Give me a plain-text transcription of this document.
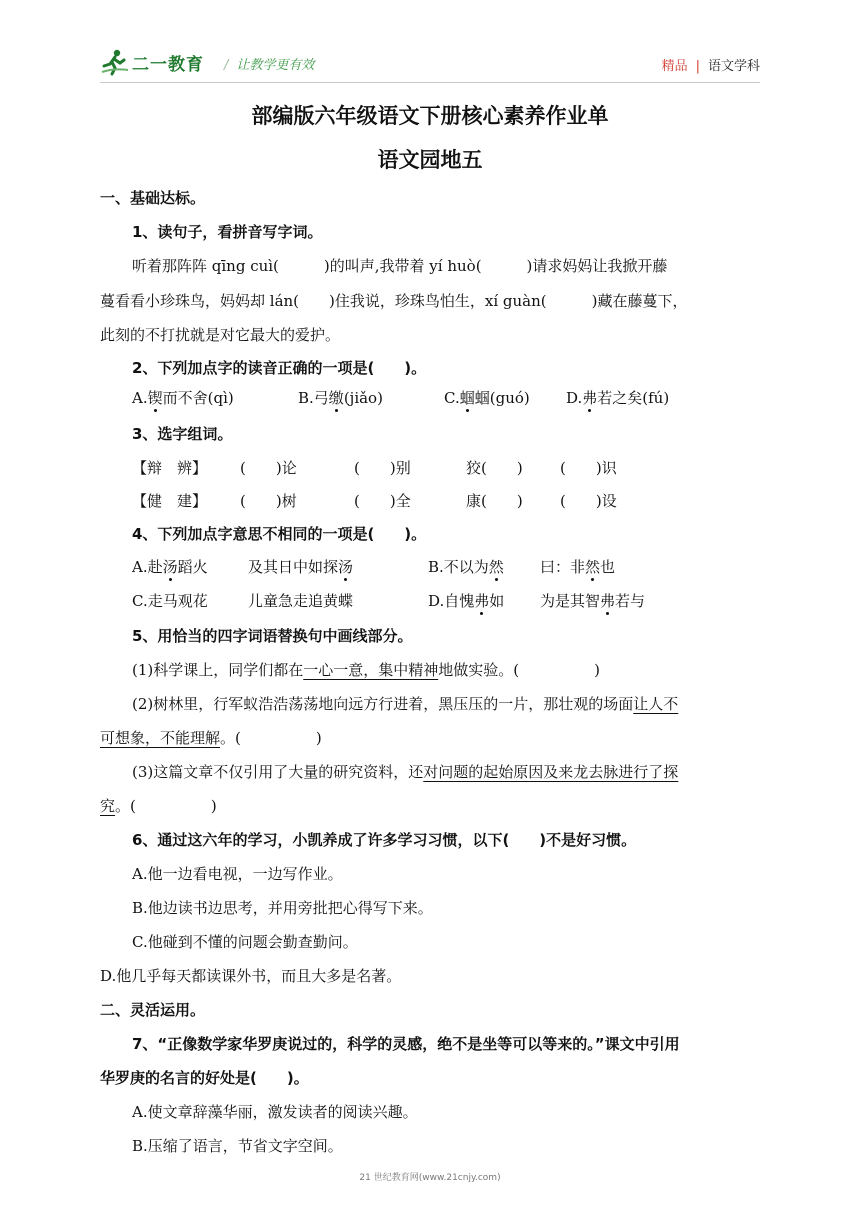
二一教育 / 让教学更有效	精品 | 语文学科
部编版六年级语文下册核心素养作业单
语文园地五
一、基础达标。
1、读句子，看拼音写字词。
听着那阵阵 qīng cuì(　　　)的叫声,我带着 yí huò(　　　)请求妈妈让我掀开藤
蔓看看小珍珠鸟，妈妈却 lán(　　)住我说，珍珠鸟怕生，xí guàn(　　　)藏在藤蔓下，
此刻的不打扰就是对它最大的爱护。
2、下列加点字的读音正确的一项是(　　)。
A.锲而不舍(qì)	B.弓缴(jiǎo)	C.蝈蝈(guó) D.弗若之矣(fú)
3、选字组词。
【辩　辨】 (　　)论	(　　)别	狡(　　) (　　)识
【健　建】 (　　)树	(　　)全	康(　　) (　　)设
4、下列加点字意思不相同的一项是(　　)。
A.赴汤蹈火	及其日中如探汤	B.不以为然 曰：非然也
C.走马观花	儿童急走追黄蝶	D.自愧弗如 为是其智弗若与
5、用恰当的四字词语替换句中画线部分。
(1)科学课上，同学们都在一心一意，集中精神地做实验。(　　　　　)
(2)树林里，行军蚁浩浩荡荡地向远方行进着，黑压压的一片，那壮观的场面让人不
可想象，不能理解。(　　　　　)
(3)这篇文章不仅引用了大量的研究资料，还对问题的起始原因及来龙去脉进行了探
究。(　　　　　)
6、通过这六年的学习，小凯养成了许多学习习惯，以下(　　)不是好习惯。
A.他一边看电视，一边写作业。
B.他边读书边思考，并用旁批把心得写下来。
C.他碰到不懂的问题会勤查勤问。
D.他几乎每天都读课外书，而且大多是名著。
二、灵活运用。
7、“正像数学家华罗庚说过的，科学的灵感，绝不是坐等可以等来的。”课文中引用
华罗庚的名言的好处是(　　)。
A.使文章辞藻华丽，激发读者的阅读兴趣。
B.压缩了语言，节省文字空间。
21 世纪教育网(www.21cnjy.com)
